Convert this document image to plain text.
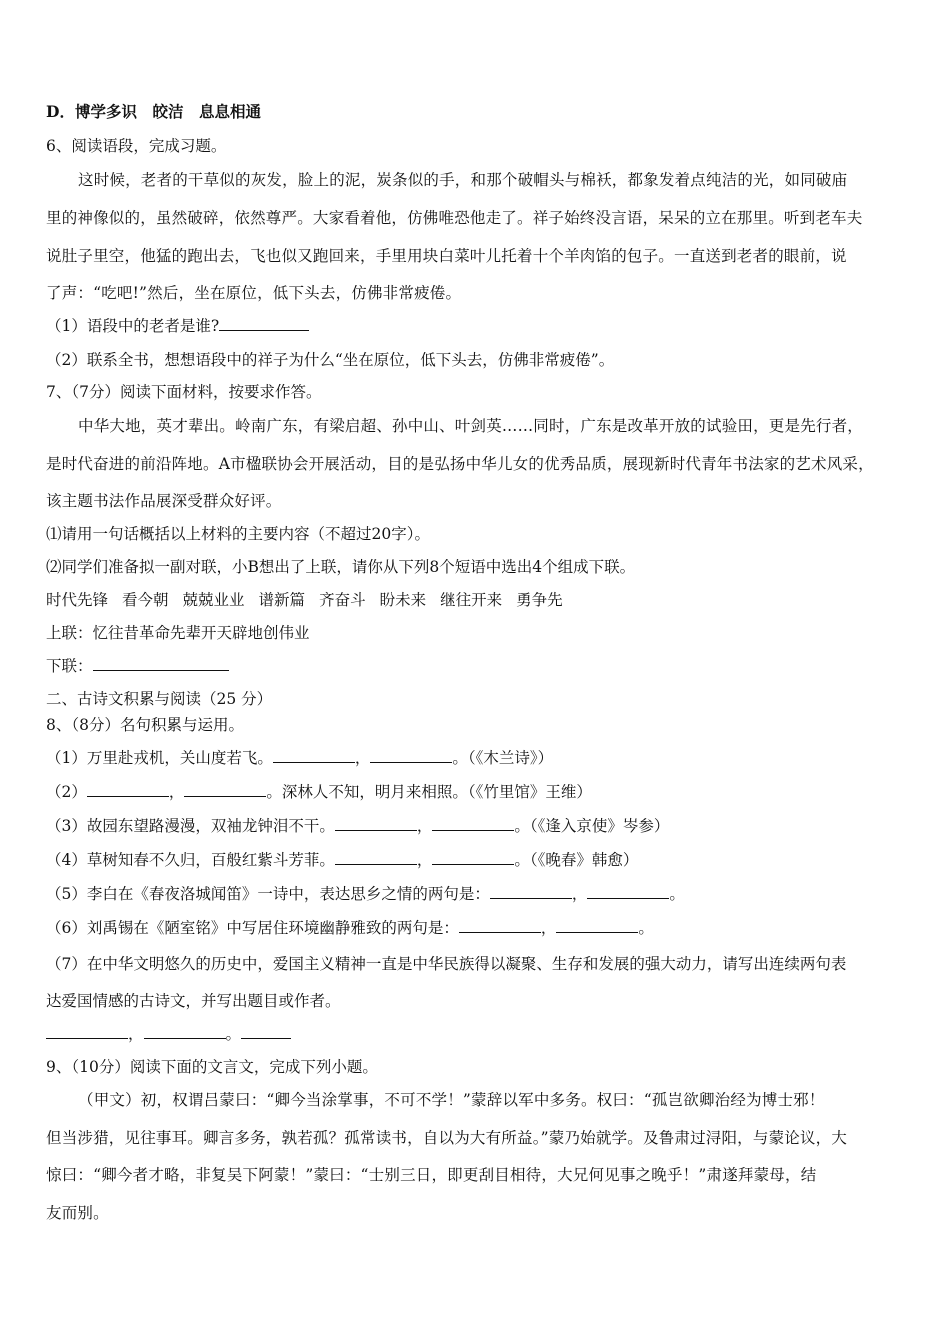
D．博学多识　皎洁　息息相通
6、阅读语段，完成习题。
这时候，老者的干草似的灰发，脸上的泥，炭条似的手，和那个破帽头与棉袄，都象发着点纯洁的光，如同破庙
里的神像似的，虽然破碎，依然尊严。大家看着他，仿佛唯恐他走了。祥子始终没言语，呆呆的立在那里。听到老车夫
说肚子里空，他猛的跑出去，飞也似又跑回来，手里用块白菜叶儿托着十个羊肉馅的包子。一直送到老者的眼前，说
了声：“吃吧!”然后，坐在原位，低下头去，仿佛非常疲倦。
（1）语段中的老者是谁?
（2）联系全书，想想语段中的祥子为什么“坐在原位，低下头去，仿佛非常疲倦”。
7、（7分）阅读下面材料，按要求作答。
中华大地，英才辈出。岭南广东，有梁启超、孙中山、叶剑英……同时，广东是改革开放的试验田，更是先行者，
是时代奋进的前沿阵地。A市楹联协会开展活动，目的是弘扬中华儿女的优秀品质，展现新时代青年书法家的艺术风采，
该主题书法作品展深受群众好评。
⑴请用一句话概括以上材料的主要内容（不超过20字）。
⑵同学们准备拟一副对联，小B想出了上联，请你从下列8个短语中选出4个组成下联。
时代先锋 看今朝 兢兢业业 谱新篇 齐奋斗 盼未来 继往开来 勇争先
上联：忆往昔革命先辈开天辟地创伟业
下联：
二、古诗文积累与阅读（25 分）
8、（8分）名句积累与运用。
（1）万里赴戎机，关山度若飞。	，	。（《木兰诗》）
（2）	，	。深林人不知，明月来相照。（《竹里馆》王维）
（3）故园东望路漫漫，双袖龙钟泪不干。	，	。（《逢入京使》岑参）
（4）草树知春不久归，百般红紫斗芳菲。	，	。（《晚春》韩愈）
（5）李白在《春夜洛城闻笛》一诗中，表达思乡之情的两句是：	，	。
（6）刘禹锡在《陋室铭》中写居住环境幽静雅致的两句是：	，	。
（7）在中华文明悠久的历史中，爱国主义精神一直是中华民族得以凝聚、生存和发展的强大动力，请写出连续两句表
达爱国情感的古诗文，并写出题目或作者。
，	。
9、（10分）阅读下面的文言文，完成下列小题。
（甲文）初，权谓吕蒙曰：“卿今当涂掌事，不可不学！”蒙辞以军中多务。权曰：“孤岂欲卿治经为博士邪！
但当涉猎，见往事耳。卿言多务，孰若孤？孤常读书，自以为大有所益。”蒙乃始就学。及鲁肃过浔阳，与蒙论议，大
惊曰：“卿今者才略，非复吴下阿蒙！”蒙曰：“士别三日，即更刮目相待，大兄何见事之晚乎！”肃遂拜蒙母，结
友而别。
